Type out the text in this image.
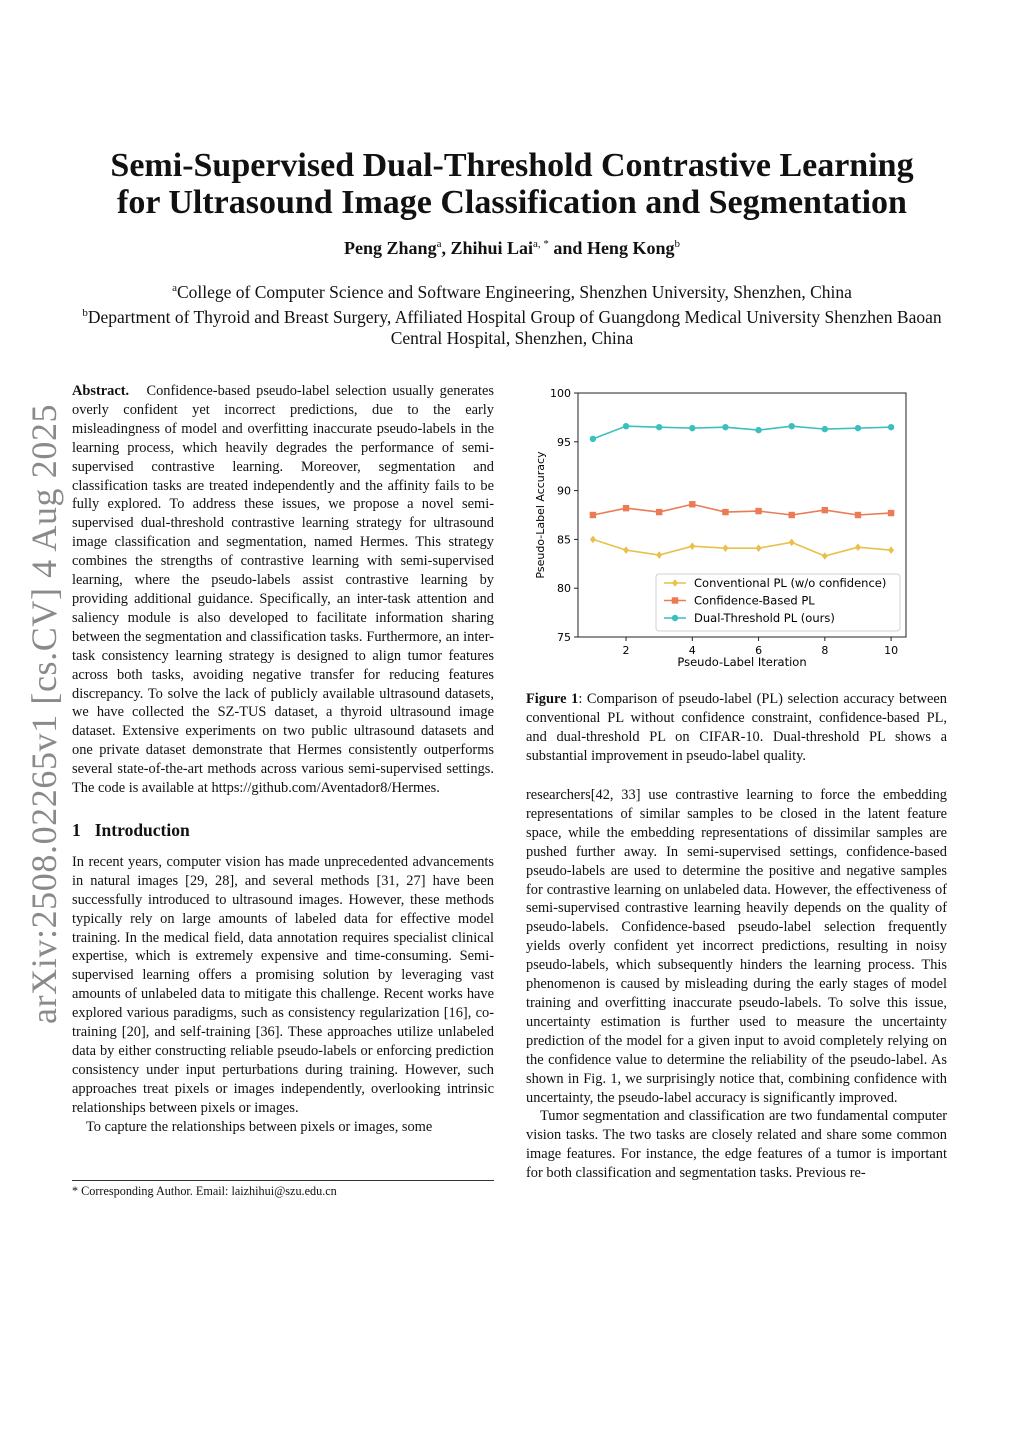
arXiv:2508.02265v1 [cs.CV] 4 Aug 2025
Semi-Supervised Dual-Threshold Contrastive Learning
for Ultrasound Image Classification and Segmentation
Peng Zhang$^a$, Zhihui Lai$^{a, *}$ and Heng Kong$^b$
$^a$College of Computer Science and Software Engineering, Shenzhen University, Shenzhen, China
$^b$Department of Thyroid and Breast Surgery, Affiliated Hospital Group of Guangdong Medical University Shenzhen Baoan Central Hospital, Shenzhen, China

Abstract. Confidence-based pseudo-label selection usually generates overly confident yet incorrect predictions, due to the early misleadingness of model and overfitting inaccurate pseudo-labels in the learning process, which heavily degrades the performance of semi-supervised contrastive learning. Moreover, segmentation and classification tasks are treated independently and the affinity fails to be fully explored. To address these issues, we propose a novel semi-supervised dual-threshold contrastive learning strategy for ultrasound image classification and segmentation, named Hermes. This strategy combines the strengths of contrastive learning with semi-supervised learning, where the pseudo-labels assist contrastive learning by providing additional guidance. Specifically, an inter-task attention and saliency module is also developed to facilitate information sharing between the segmentation and classification tasks. Furthermore, an inter-task consistency learning strategy is designed to align tumor features across both tasks, avoiding negative transfer for reducing features discrepancy. To solve the lack of publicly available ultrasound datasets, we have collected the SZ-TUS dataset, a thyroid ultrasound image dataset. Extensive experiments on two public ultrasound datasets and one private dataset demonstrate that Hermes consistently outperforms several state-of-the-art methods across various semi-supervised settings. The code is available at https://github.com/Aventador8/Hermes.

1 Introduction

In recent years, computer vision has made unprecedented advancements in natural images [29, 28], and several methods [31, 27] have been successfully introduced to ultrasound images. However, these methods typically rely on large amounts of labeled data for effective model training. In the medical field, data annotation requires specialist clinical expertise, which is extremely expensive and time-consuming. Semi-supervised learning offers a promising solution by leveraging vast amounts of unlabeled data to mitigate this challenge. Recent works have explored various paradigms, such as consistency regularization [16], co-training [20], and self-training [36]. These approaches utilize unlabeled data by either constructing reliable pseudo-labels or enforcing prediction consistency under input perturbations during training. However, such approaches treat pixels or images independently, overlooking intrinsic relationships between pixels or images.

To capture the relationships between pixels or images, some

* Corresponding Author. Email: laizhihui@szu.edu.cn
75
80
85
90
95
100
2	4	6	8	10
Pseudo-Label Iteration
Pseudo-Label Accuracy
Conventional PL (w/o confidence)
Confidence-Based PL
Dual-Threshold PL (ours)
Figure 1: Comparison of pseudo-label (PL) selection accuracy between conventional PL without confidence constraint, confidence-based PL, and dual-threshold PL on CIFAR-10. Dual-threshold PL shows a substantial improvement in pseudo-label quality.

researchers[42, 33] use contrastive learning to force the embedding representations of similar samples to be closed in the latent feature space, while the embedding representations of dissimilar samples are pushed further away. In semi-supervised settings, confidence-based pseudo-labels are used to determine the positive and negative samples for contrastive learning on unlabeled data. However, the effectiveness of semi-supervised contrastive learning heavily depends on the quality of pseudo-labels. Confidence-based pseudo-label selection frequently yields overly confident yet incorrect predictions, resulting in noisy pseudo-labels, which subsequently hinders the learning process. This phenomenon is caused by misleading during the early stages of model training and overfitting inaccurate pseudo-labels. To solve this issue, uncertainty estimation is further used to measure the uncertainty prediction of the model for a given input to avoid completely relying on the confidence value to determine the reliability of the pseudo-label. As shown in Fig. 1, we surprisingly notice that, combining confidence with uncertainty, the pseudo-label accuracy is significantly improved.

Tumor segmentation and classification are two fundamental computer vision tasks. The two tasks are closely related and share some common image features. For instance, the edge features of a tumor is important for both classification and segmentation tasks. Previous re-
